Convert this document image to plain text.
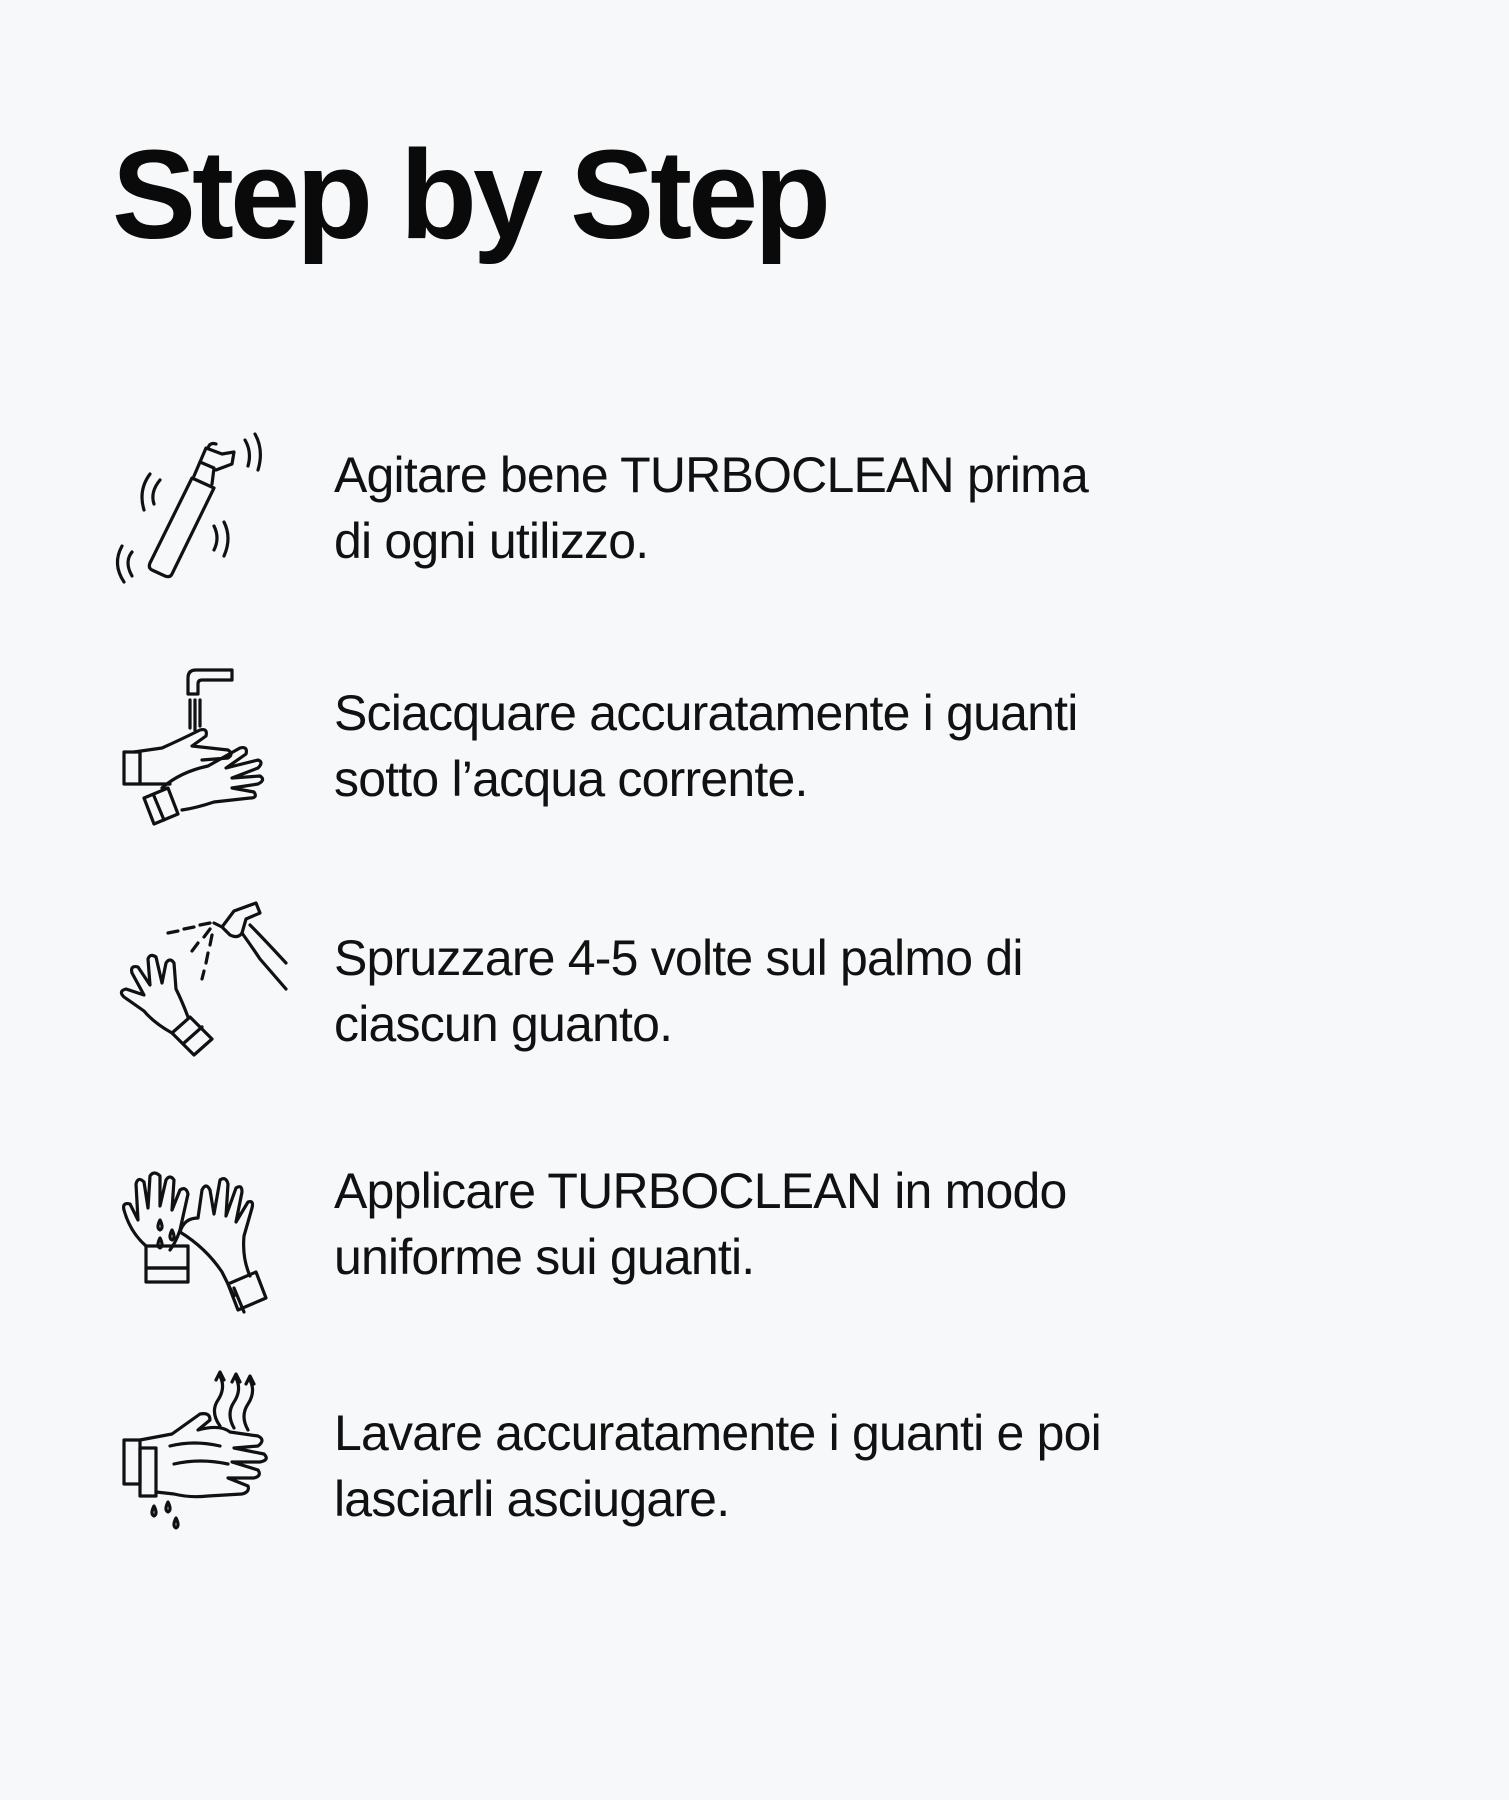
Step by Step

Agitare bene TURBOCLEAN prima
di ogni utilizzo.

Sciacquare accuratamente i guanti
sotto l’acqua corrente.

Spruzzare 4-5 volte sul palmo di
ciascun guanto.

Applicare TURBOCLEAN in modo
uniforme sui guanti.

Lavare accuratamente i guanti e poi
lasciarli asciugare.
